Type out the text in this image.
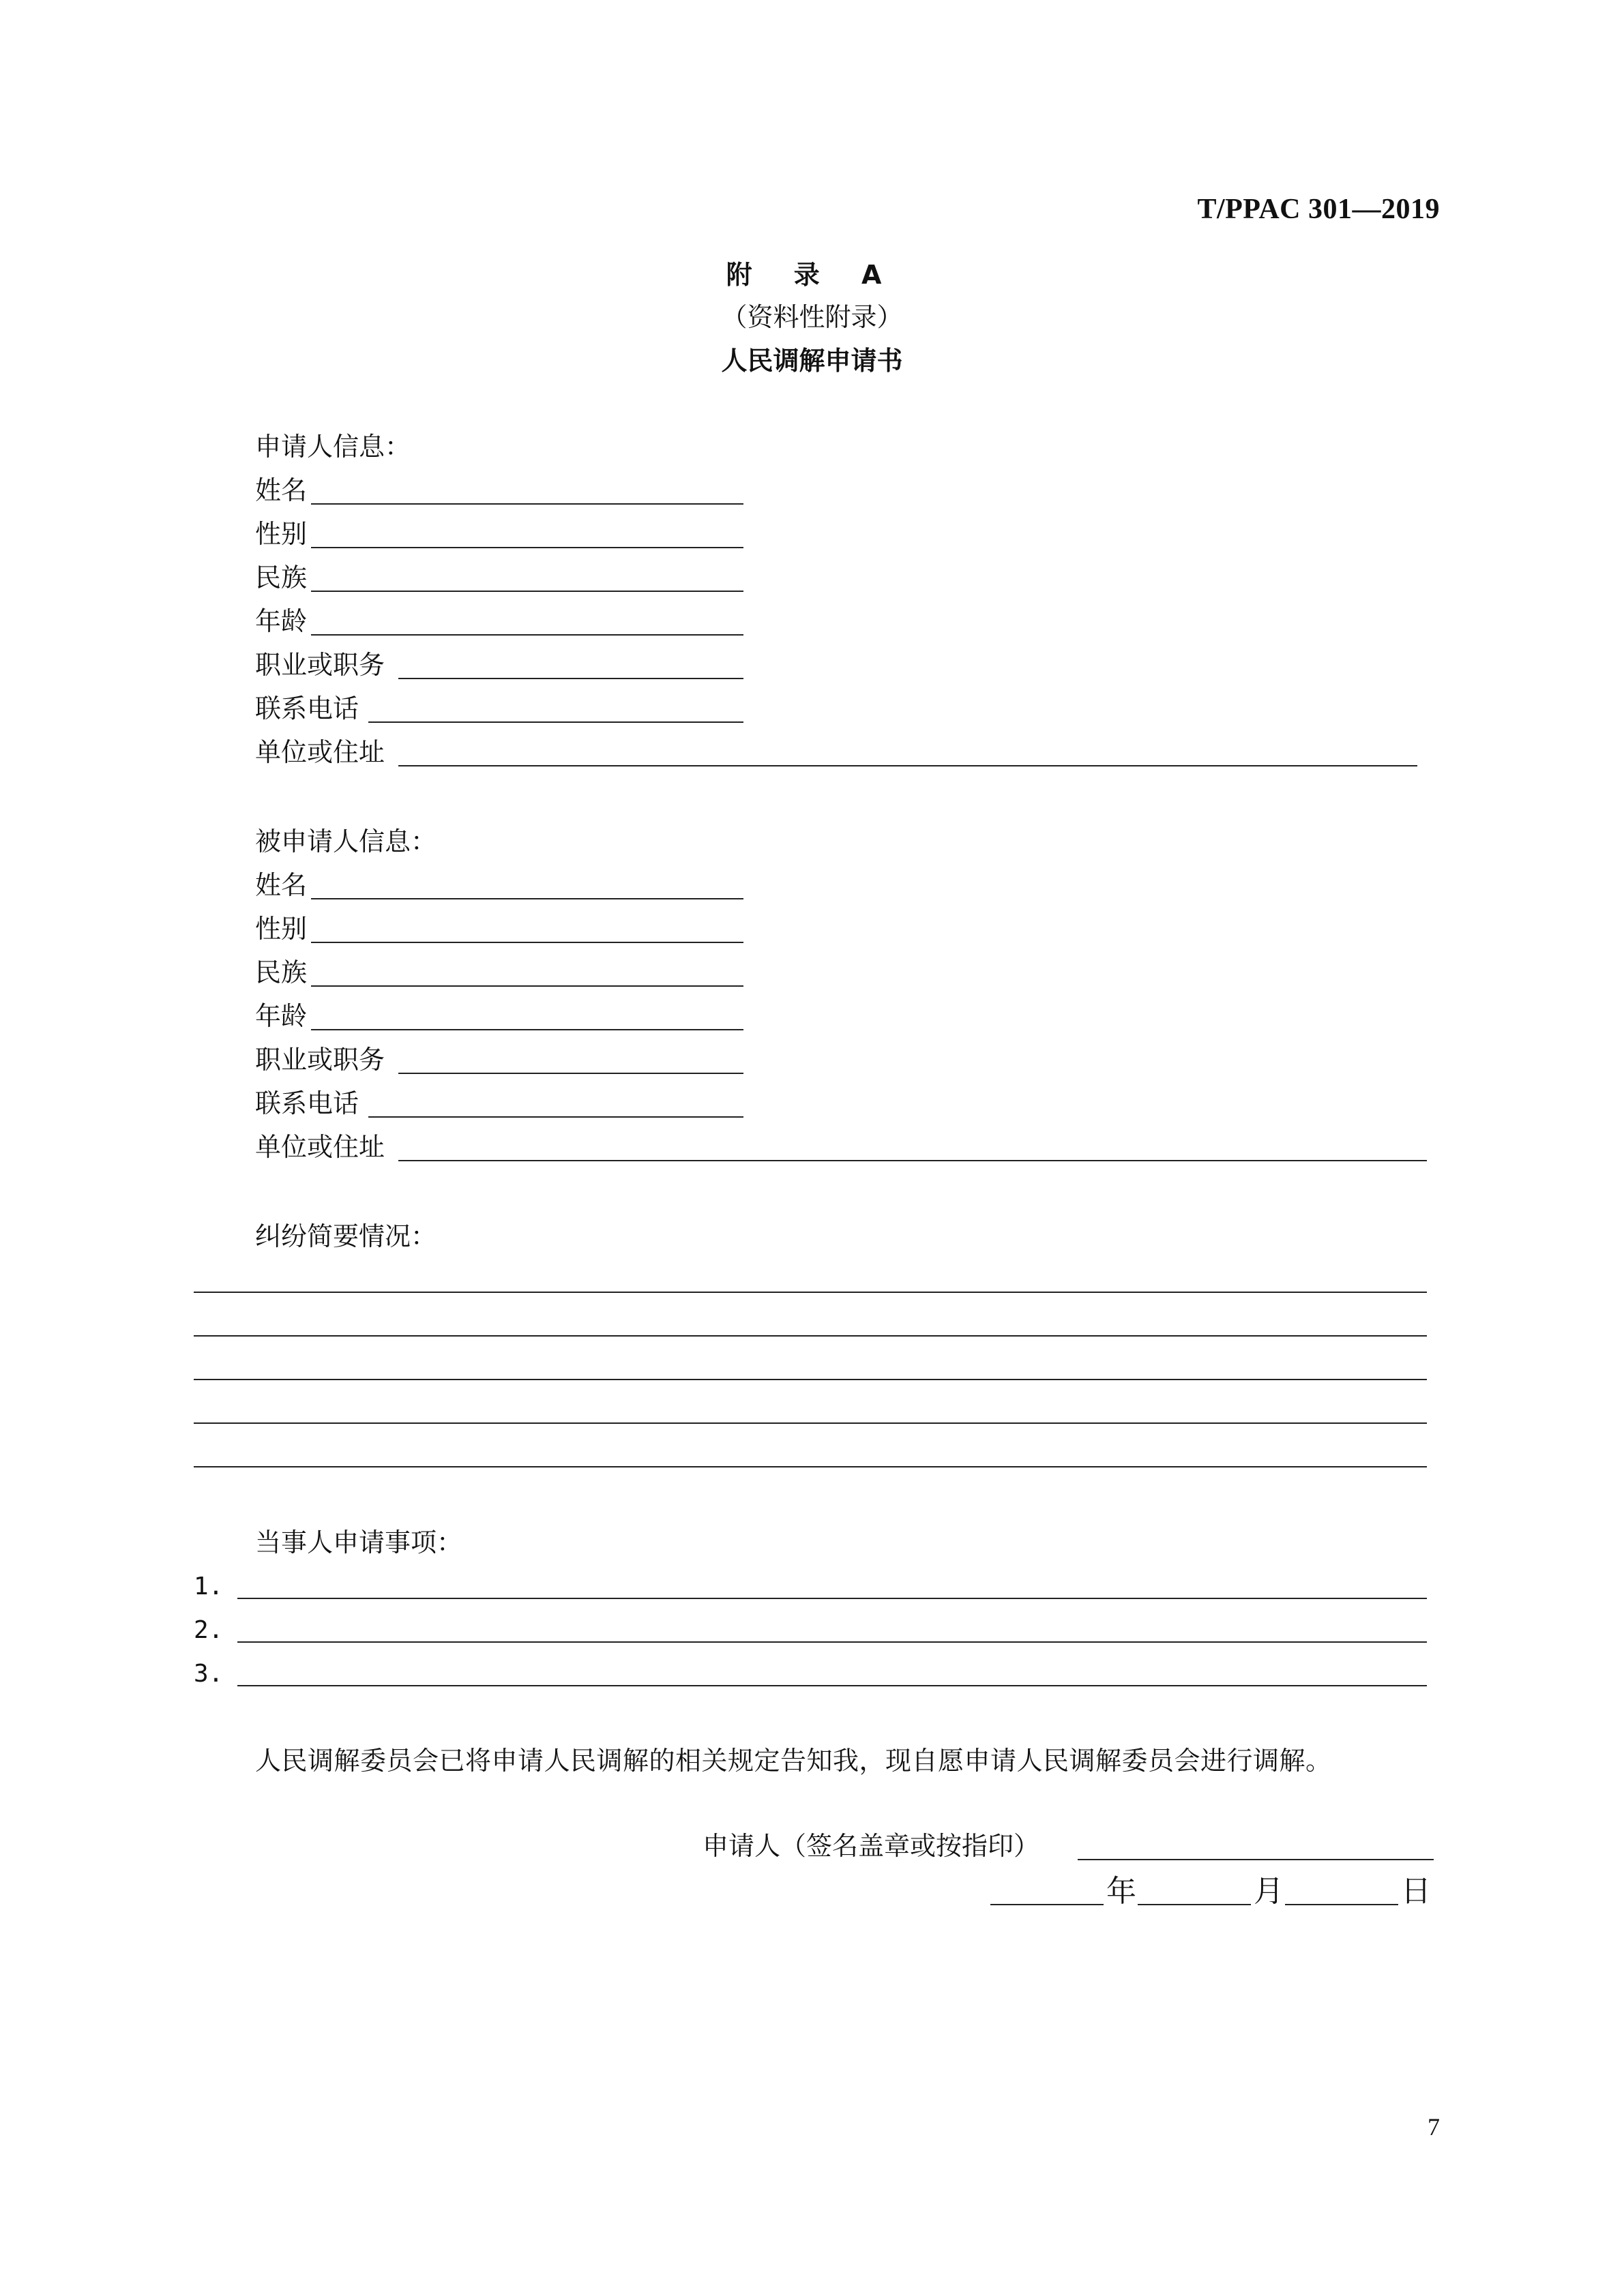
T/PPAC 301—2019
附 录 A
（资料性附录）
人民调解申请书
申请人信息：
姓名
性别
民族
年龄
职业或职务
联系电话
单位或住址
被申请人信息：
姓名
性别
民族
年龄
职业或职务
联系电话
单位或住址
纠纷简要情况：
当事人申请事项：
1.
2.
3.
人民调解委员会已将申请人民调解的相关规定告知我，现自愿申请人民调解委员会进行调解。
申请人（签名盖章或按指印）
年	月	日
7
